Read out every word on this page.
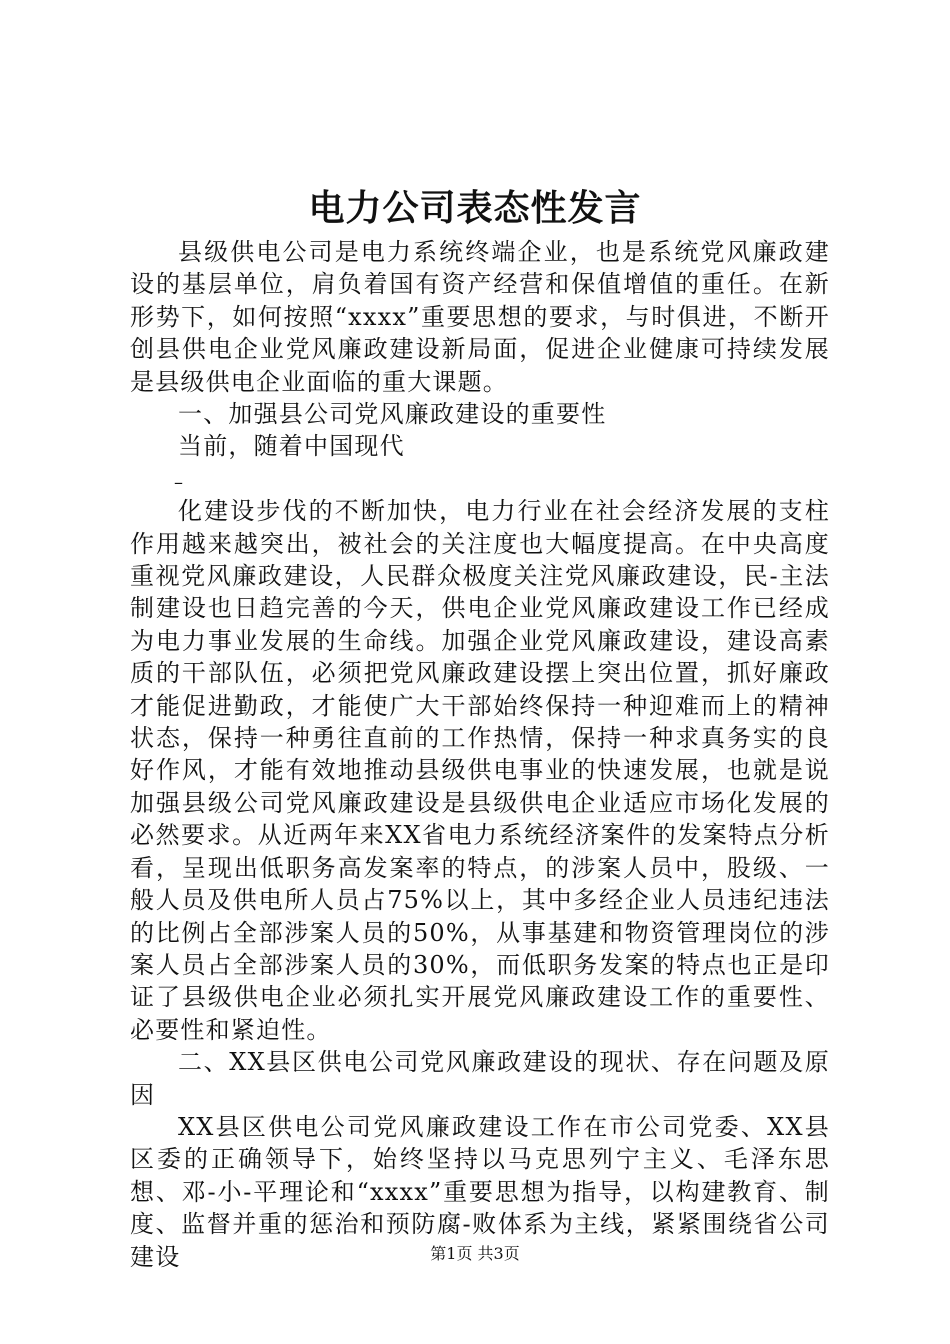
电力公司表态性发言

县级供电公司是电力系统终端企业，也是系统党风廉政建设的基层单位，肩负着国有资产经营和保值增值的重任。在新形势下，如何按照“xxxx”重要思想的要求，与时俱进，不断开创县供电企业党风廉政建设新局面，促进企业健康可持续发展是县级供电企业面临的重大课题。

一、加强县公司党风廉政建设的重要性

当前，随着中国现代

–

化建设步伐的不断加快，电力行业在社会经济发展的支柱作用越来越突出，被社会的关注度也大幅度提高。在中央高度重视党风廉政建设，人民群众极度关注党风廉政建设，民-主法制建设也日趋完善的今天，供电企业党风廉政建设工作已经成为电力事业发展的生命线。加强企业党风廉政建设，建设高素质的干部队伍，必须把党风廉政建设摆上突出位置，抓好廉政才能促进勤政，才能使广大干部始终保持一种迎难而上的精神状态，保持一种勇往直前的工作热情，保持一种求真务实的良好作风，才能有效地推动县级供电事业的快速发展，也就是说加强县级公司党风廉政建设是县级供电企业适应市场化发展的必然要求。从近两年来XX省电力系统经济案件的发案特点分析看，呈现出低职务高发案率的特点，的涉案人员中，股级、一般人员及供电所人员占75%以上，其中多经企业人员违纪违法的比例占全部涉案人员的50%，从事基建和物资管理岗位的涉案人员占全部涉案人员的30%，而低职务发案的特点也正是印证了县级供电企业必须扎实开展党风廉政建设工作的重要性、必要性和紧迫性。

二、XX县区供电公司党风廉政建设的现状、存在问题及原因

XX县区供电公司党风廉政建设工作在市公司党委、XX县区委的正确领导下，始终坚持以马克思列宁主义、毛泽东思想、邓-小-平理论和“xxxx”重要思想为指导，以构建教育、制度、监督并重的惩治和预防腐-败体系为主线，紧紧围绕省公司建设	第1页 共3页
